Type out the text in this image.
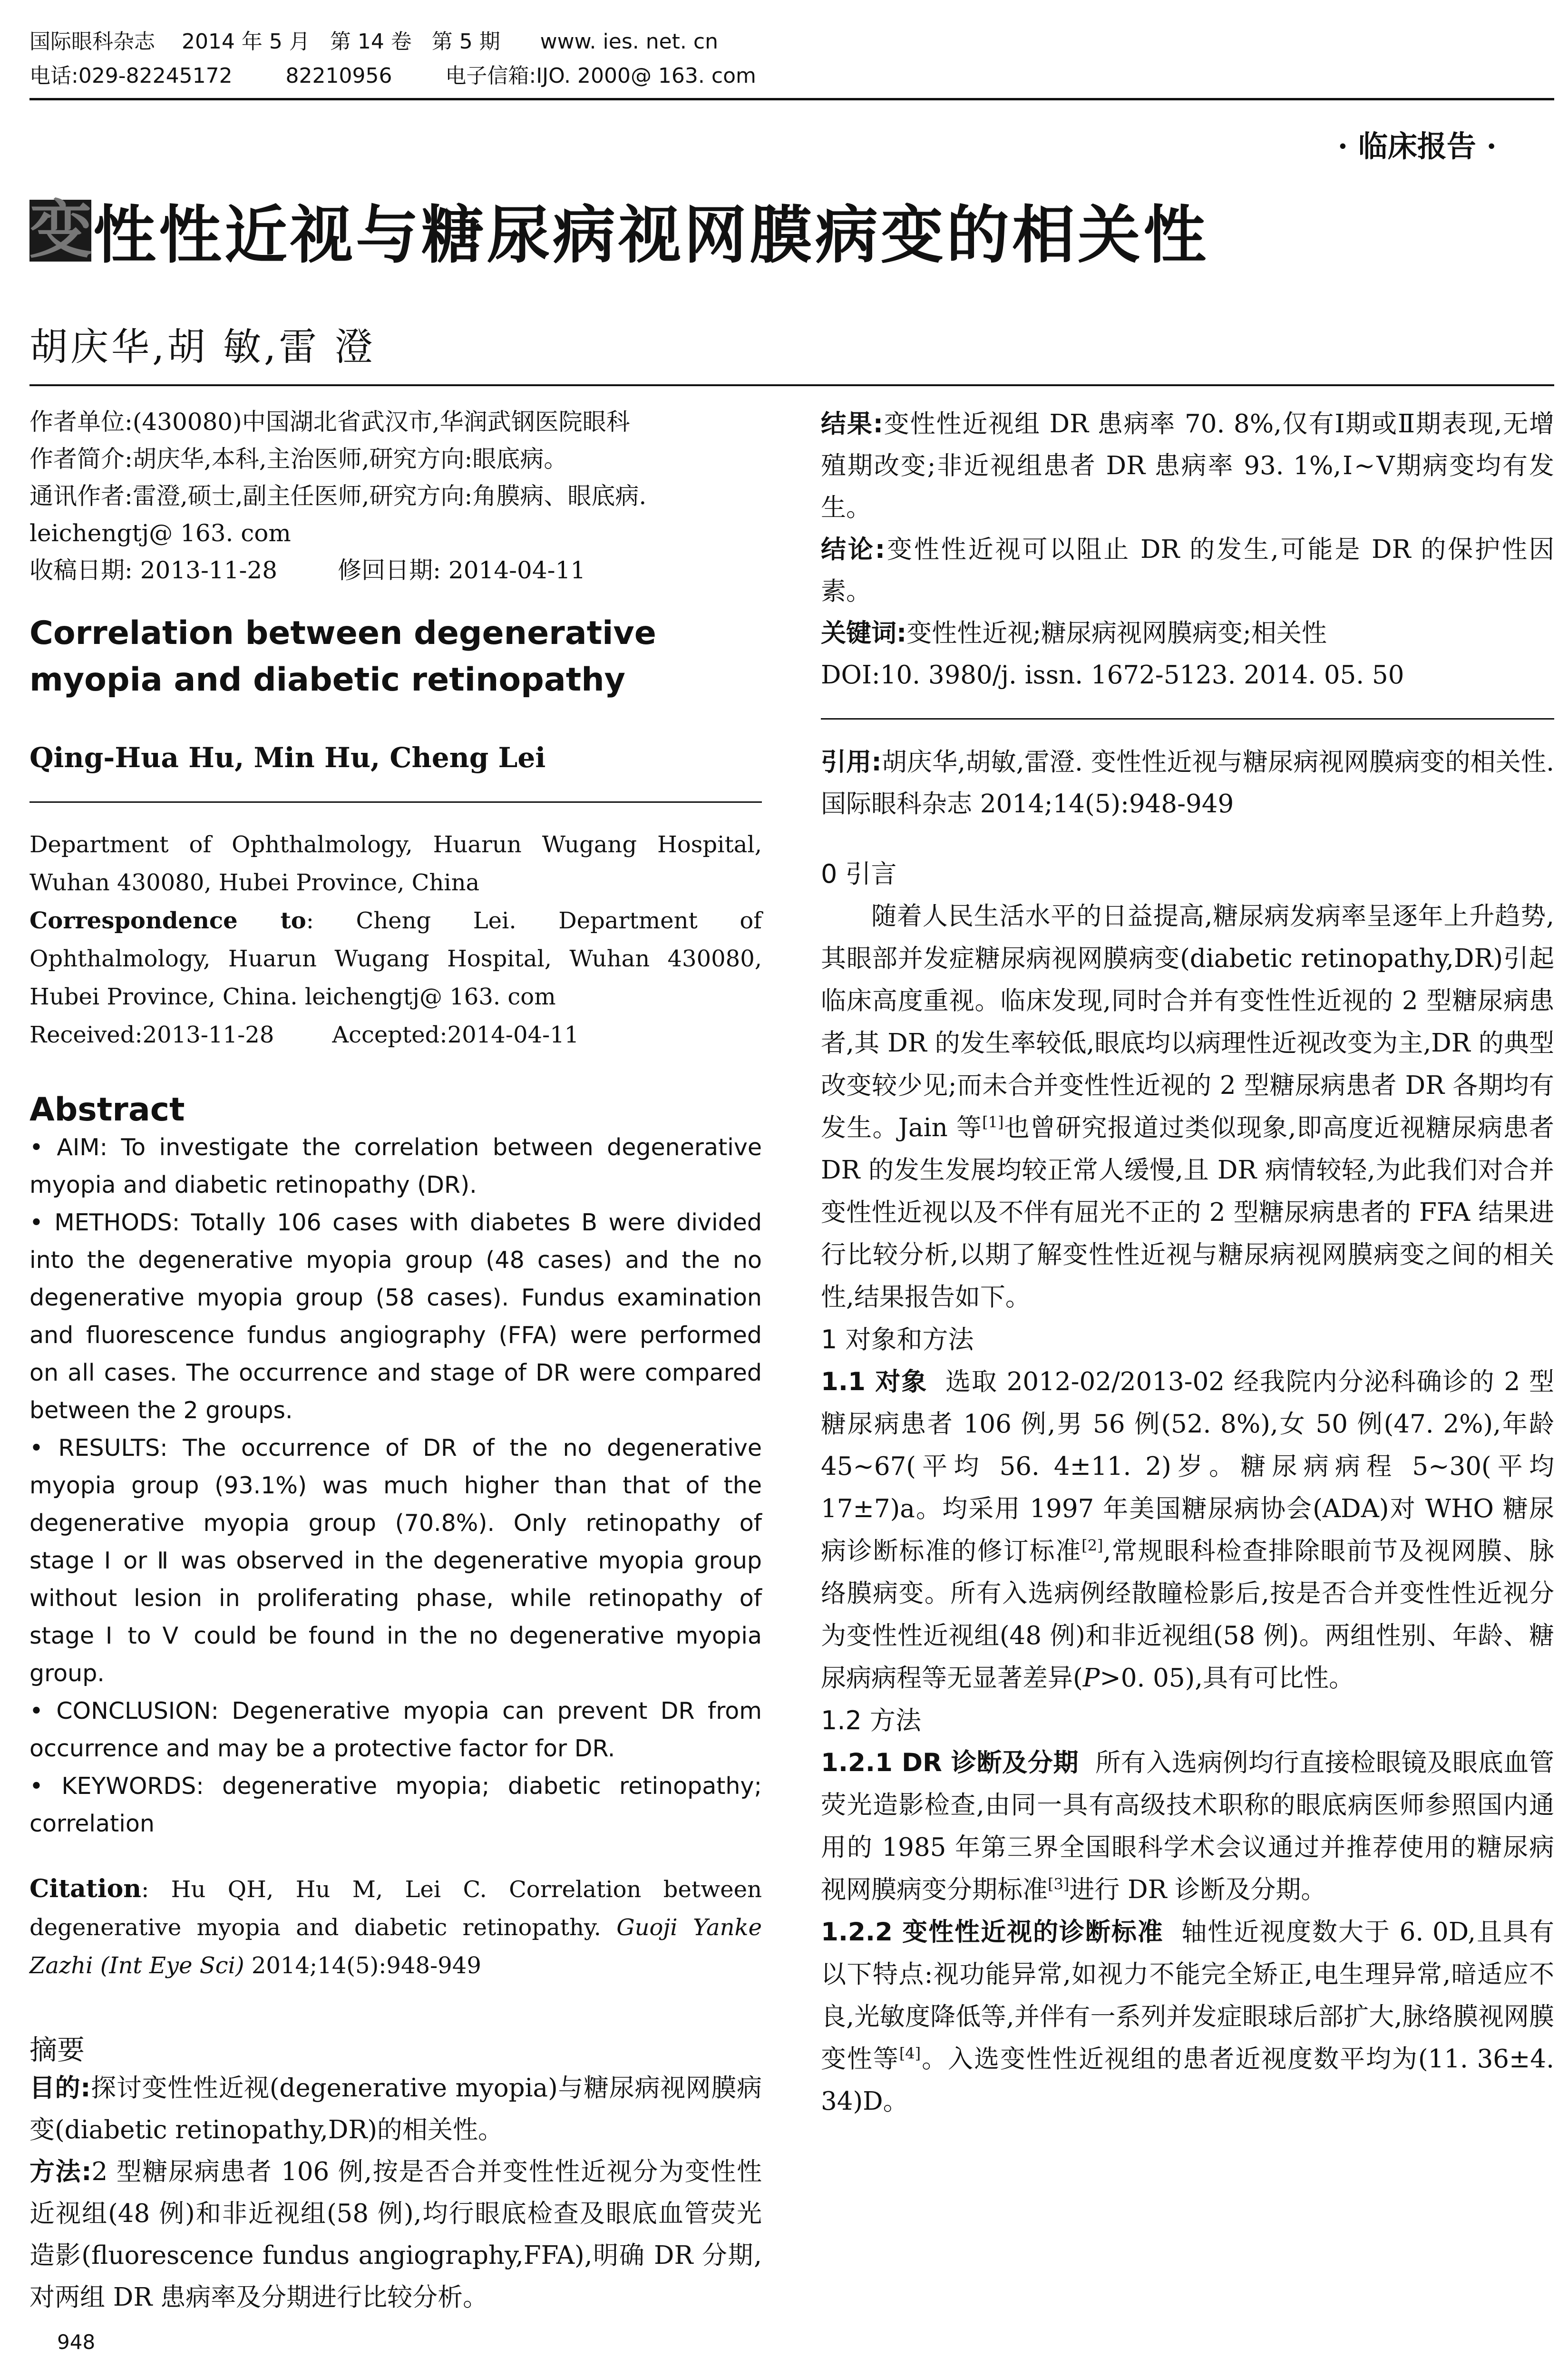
国际眼科杂志    2014 年 5 月   第 14 卷   第 5 期      www. ies. net. cn
电话:029-82245172        82210956        电子信箱:IJO. 2000@ 163. com
· 临床报告 ·
变性性近视与糖尿病视网膜病变的相关性
胡庆华,胡 敏,雷 澄
作者单位:(430080)中国湖北省武汉市,华润武钢医院眼科
作者简介:胡庆华,本科,主治医师,研究方向:眼底病。
通讯作者:雷澄,硕士,副主任医师,研究方向:角膜病、眼底病.
leichengtj@ 163. com
收稿日期: 2013-11-28        修回日期: 2014-04-11
Correlation between degenerative myopia and diabetic retinopathy
Qing-Hua Hu, Min Hu, Cheng Lei
Department of Ophthalmology, Huarun Wugang Hospital, Wuhan 430080, Hubei Province, China
Correspondence to: Cheng Lei. Department of Ophthalmology, Huarun Wugang Hospital, Wuhan 430080, Hubei Province, China. leichengtj@ 163. com
Received:2013-11-28        Accepted:2014-04-11
Abstract

• AIM: To investigate the correlation between degenerative myopia and diabetic retinopathy (DR).

• METHODS: Totally 106 cases with diabetes B were divided into the degenerative myopia group (48 cases) and the no degenerative myopia group (58 cases). Fundus examination and fluorescence fundus angiography (FFA) were performed on all cases. The occurrence and stage of DR were compared between the 2 groups.

• RESULTS: The occurrence of DR of the no degenerative myopia group (93.1%) was much higher than that of the degenerative myopia group (70.8%). Only retinopathy of stage Ⅰ or Ⅱ was observed in the degenerative myopia group without lesion in proliferating phase, while retinopathy of stage Ⅰ to Ⅴ could be found in the no degenerative myopia group.

• CONCLUSION: Degenerative myopia can prevent DR from occurrence and may be a protective factor for DR.

• KEYWORDS: degenerative myopia; diabetic retinopathy; correlation

Citation: Hu QH, Hu M, Lei C. Correlation between degenerative myopia and diabetic retinopathy. Guoji Yanke Zazhi (Int Eye Sci) 2014;14(5):948-949
摘要

目的:探讨变性性近视(degenerative myopia)与糖尿病视网膜病变(diabetic retinopathy,DR)的相关性。

方法:2 型糖尿病患者 106 例,按是否合并变性性近视分为变性性近视组(48 例)和非近视组(58 例),均行眼底检查及眼底血管荧光造影(fluorescence fundus angiography,FFA),明确 DR 分期,对两组 DR 患病率及分期进行比较分析。

结果:变性性近视组 DR 患病率 70. 8%,仅有Ⅰ期或Ⅱ期表现,无增殖期改变;非近视组患者 DR 患病率 93. 1%,Ⅰ~Ⅴ期病变均有发生。

结论:变性性近视可以阻止 DR 的发生,可能是 DR 的保护性因素。

关键词:变性性近视;糖尿病视网膜病变;相关性

DOI:10. 3980/j. issn. 1672-5123. 2014. 05. 50

引用:胡庆华,胡敏,雷澄. 变性性近视与糖尿病视网膜病变的相关性. 国际眼科杂志 2014;14(5):948-949

0 引言

随着人民生活水平的日益提高,糖尿病发病率呈逐年上升趋势,其眼部并发症糖尿病视网膜病变(diabetic retinopathy,DR)引起临床高度重视。临床发现,同时合并有变性性近视的 2 型糖尿病患者,其 DR 的发生率较低,眼底均以病理性近视改变为主,DR 的典型改变较少见;而未合并变性性近视的 2 型糖尿病患者 DR 各期均有发生。Jain 等[1]也曾研究报道过类似现象,即高度近视糖尿病患者 DR 的发生发展均较正常人缓慢,且 DR 病情较轻,为此我们对合并变性性近视以及不伴有屈光不正的 2 型糖尿病患者的 FFA 结果进行比较分析,以期了解变性性近视与糖尿病视网膜病变之间的相关性,结果报告如下。

1 对象和方法

1.1 对象  选取 2012-02/2013-02 经我院内分泌科确诊的 2 型糖尿病患者 106 例,男 56 例(52. 8%),女 50 例(47. 2%),年龄 45~67(平均 56. 4±11. 2)岁。糖尿病病程 5~30(平均 17±7)a。均采用 1997 年美国糖尿病协会(ADA)对 WHO 糖尿病诊断标准的修订标准[2],常规眼科检查排除眼前节及视网膜、脉络膜病变。所有入选病例经散瞳检影后,按是否合并变性性近视分为变性性近视组(48 例)和非近视组(58 例)。两组性别、年龄、糖尿病病程等无显著差异(P>0. 05),具有可比性。

1.2 方法

1.2.1 DR 诊断及分期  所有入选病例均行直接检眼镜及眼底血管荧光造影检查,由同一具有高级技术职称的眼底病医师参照国内通用的 1985 年第三界全国眼科学术会议通过并推荐使用的糖尿病视网膜病变分期标准[3]进行 DR 诊断及分期。

1.2.2 变性性近视的诊断标准  轴性近视度数大于 6. 0D,且具有以下特点:视功能异常,如视力不能完全矫正,电生理异常,暗适应不良,光敏度降低等,并伴有一系列并发症眼球后部扩大,脉络膜视网膜变性等[4]。入选变性性近视组的患者近视度数平均为(11. 36±4. 34)D。

948
